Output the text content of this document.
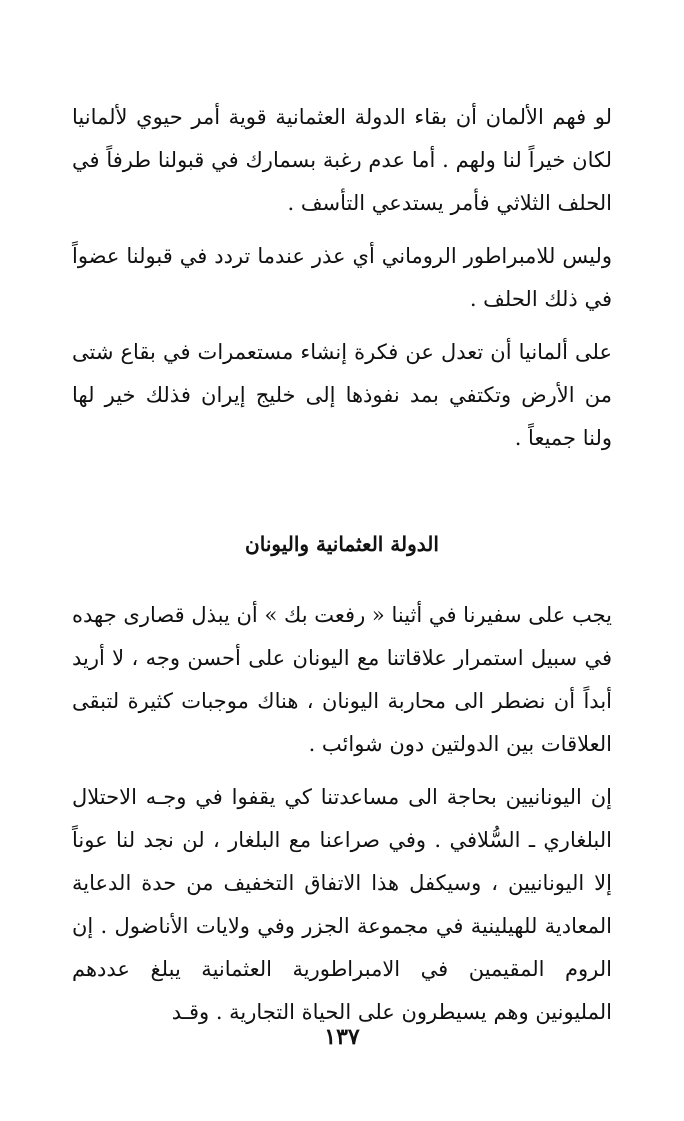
لو فهم الألمان أن بقاء الدولة العثمانية قوية أمر حيوي لألمانيا لكان خيراً لنا ولهم . أما عدم رغبة بسمارك في قبولنا طرفاً في الحلف الثلاثي فأمر يستدعي التأسف .

وليس للامبراطور الروماني أي عذر عندما تردد في قبولنا عضواً في ذلك الحلف .

على ألمانيا أن تعدل عن فكرة إنشاء مستعمرات في بقاع شتى من الأرض وتكتفي بمد نفوذها إلى خليج إيران فذلك خير لها ولنا جميعاً .

الدولة العثمانية واليونان

يجب على سفيرنا في أثينا « رفعت بك » أن يبذل قصارى جهده في سبيل استمرار علاقاتنا مع اليونان على أحسن وجه ، لا أريد أبداً أن نضطر الى محاربة اليونان ، هناك موجبات كثيرة لتبقى العلاقات بين الدولتين دون شوائب .

إن اليونانيين بحاجة الى مساعدتنا كي يقفوا في وجـه الاحتلال البلغاري ـ السُّلافي . وفي صراعنا مع البلغار ، لن نجد لنا عوناً إلا اليونانيين ، وسيكفل هذا الاتفاق التخفيف من حدة الدعاية المعادية للهيلينية في مجموعة الجزر وفي ولايات الأناضول . إن الروم المقيمين في الامبراطورية العثمانية يبلغ عددهم المليونين وهم يسيطرون على الحياة التجارية . وقـد

١٣٧
